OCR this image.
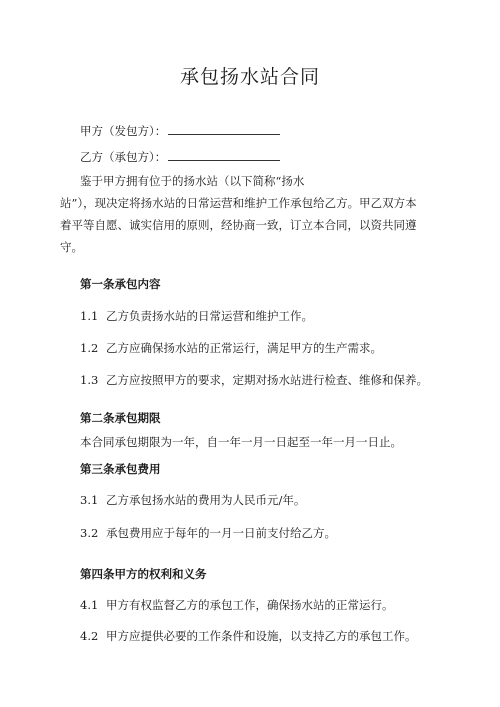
承包扬水站合同
甲方（发包方）：
乙方（承包方）：
鉴于甲方拥有位于的扬水站（以下简称“扬水
站”），现决定将扬水站的日常运营和维护工作承包给乙方。甲乙双方本
着平等自愿、诚实信用的原则，经协商一致，订立本合同，以资共同遵
守。
第一条承包内容
1.1 乙方负责扬水站的日常运营和维护工作。
1.2 乙方应确保扬水站的正常运行，满足甲方的生产需求。
1.3 乙方应按照甲方的要求，定期对扬水站进行检查、维修和保养。
第二条承包期限
本合同承包期限为一年，自一年一月一日起至一年一月一日止。
第三条承包费用
3.1 乙方承包扬水站的费用为人民币元/年。
3.2 承包费用应于每年的一月一日前支付给乙方。
第四条甲方的权利和义务
4.1 甲方有权监督乙方的承包工作，确保扬水站的正常运行。
4.2 甲方应提供必要的工作条件和设施，以支持乙方的承包工作。
